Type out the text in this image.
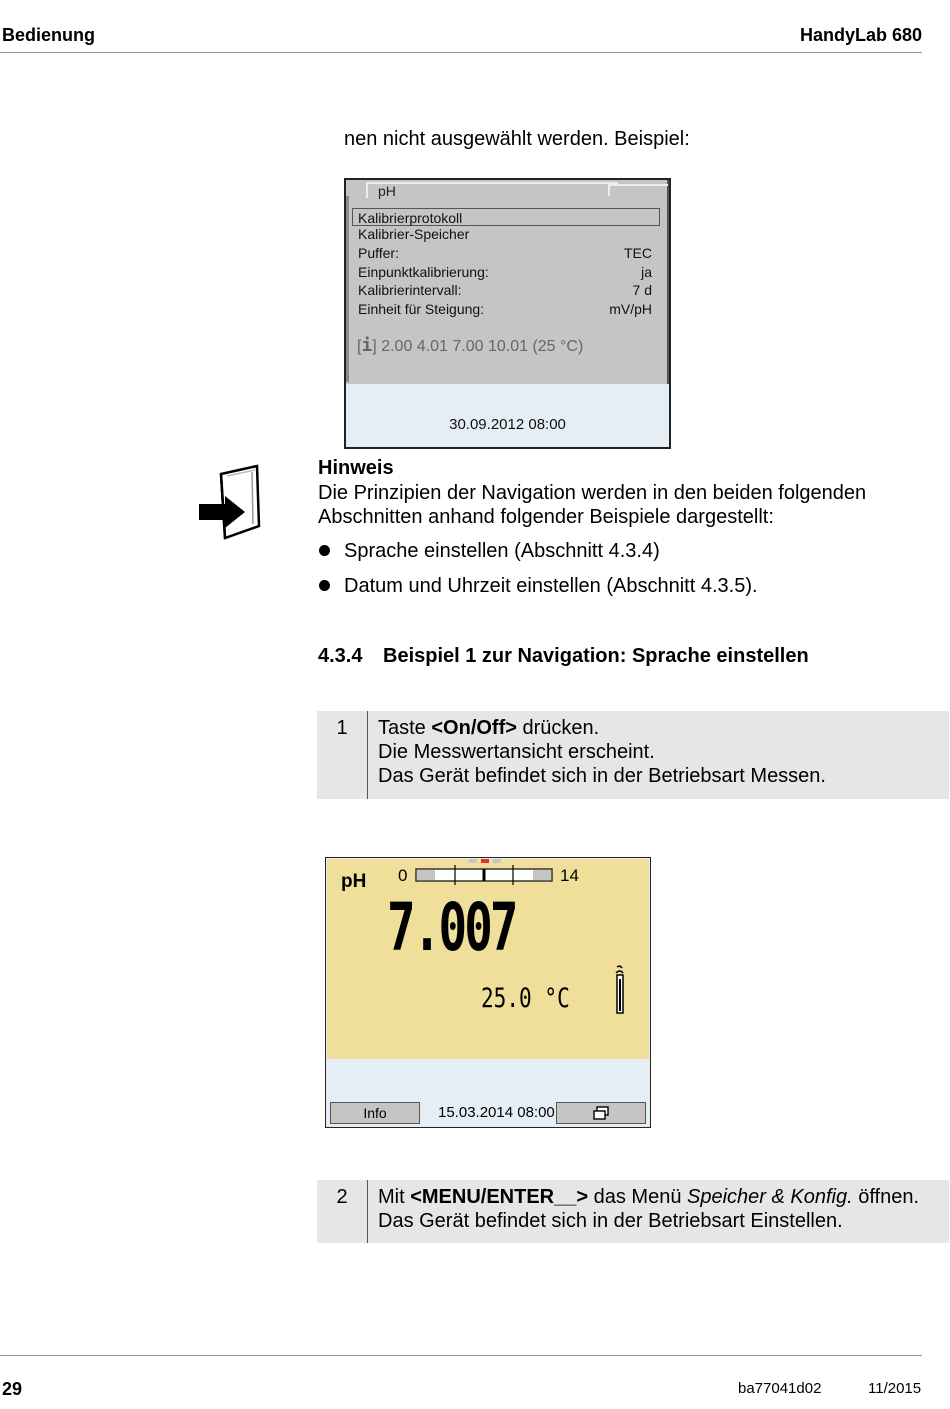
Bedienung	HandyLab 680
nen nicht ausgewählt werden. Beispiel:
pH
Kalibrierprotokoll
Kalibrier-Speicher
Puffer:	TEC
Einpunktkalibrierung:	ja
Kalibrierintervall:	7 d
Einheit für Steigung:	mV/pH
[i] 2.00 4.01 7.00 10.01 (25 °C)
30.09.2012 08:00
Hinweis
Die Prinzipien der Navigation werden in den beiden folgenden
Abschnitten anhand folgender Beispiele dargestellt:
Sprache einstellen (Abschnitt 4.3.4)
Datum und Uhrzeit einstellen (Abschnitt 4.3.5).
4.3.4 Beispiel 1 zur Navigation: Sprache einstellen
1	Taste <On/Off> drücken.
Die Messwertansicht erscheint.
Das Gerät befindet sich in der Betriebsart Messen.
pH 0	14
7.007
25.0 °C
Info	15.03.2014 08:00
2	Mit <MENU/ENTER__> das Menü Speicher & Konfig. öffnen.
Das Gerät befindet sich in der Betriebsart Einstellen.
29	ba77041d02	11/2015
